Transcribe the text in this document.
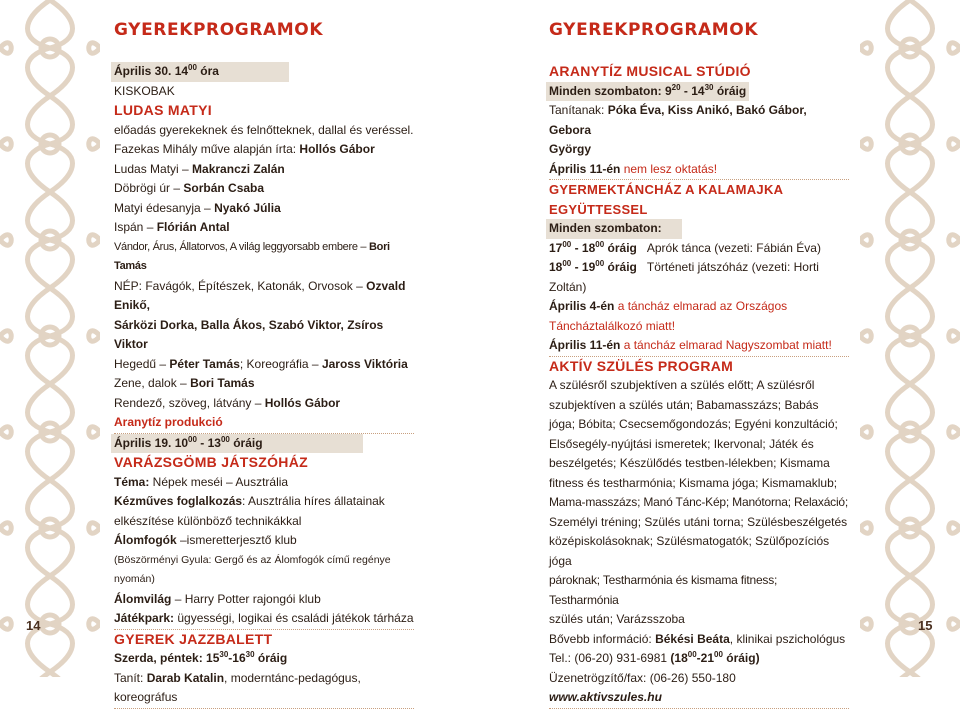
14	15
GYEREKPROGRAMOK
Április 30. $14^{00}$ óra
KISKOBAK
LUDAS MATYI
előadás gyerekeknek és felnőtteknek, dallal és veréssel.
Fazekas Mihály műve alapján írta: Hollós Gábor
Ludas Matyi – Makranczi Zalán
Döbrögi úr – Sorbán Csaba
Matyi édesanyja – Nyakó Júlia
Ispán – Flórián Antal
Vándor, Árus, Állatorvos, A világ leggyorsabb embere – Bori Tamás
NÉP: Favágók, Építészek, Katonák, Orvosok – Ozvald Enikő,
Sárközi Dorka, Balla Ákos, Szabó Viktor, Zsíros Viktor
Hegedű – Péter Tamás; Koreográfia – Jaross Viktória
Zene, dalok – Bori Tamás
Rendező, szöveg, látvány – Hollós Gábor
Aranytíz produkció
Április 19. $10^{00} - 13^{00}$ óráig
VARÁZSGÖMB JÁTSZÓHÁZ
Téma: Népek meséi – Ausztrália
Kézműves foglalkozás: Ausztrália híres állatainak
elkészítése különböző technikákkal
Álomfogók –ismeretterjesztő klub
(Böszörményi Gyula: Gergő és az Álomfogók című regénye nyomán)
Álomvilág – Harry Potter rajongói klub
Játékpark: ügyességi, logikai és családi játékok tárháza
GYEREK JAZZBALETT
Szerda, péntek: $15^{30}-16^{30}$ óráig
Tanít: Darab Katalin, moderntánc-pedagógus, koreográfus
GYEREKPROGRAMOK
ARANYTÍZ MUSICAL STÚDIÓ
Minden szombaton: $9^{20} - 14^{30}$ óráig
Tanítanak: Póka Éva, Kiss Anikó, Bakó Gábor, Gebora
György
Április 11-én nem lesz oktatás!
GYERMEKTÁNCHÁZ A KALAMAJKA EGYÜTTESSEL
Minden szombaton:
$17^{00} - 18^{00}$ óráig Aprók tánca (vezeti: Fábián Éva)
$18^{00} - 19^{00}$ óráig Történeti játszóház (vezeti: Horti Zoltán)
Április 4-én a táncház elmarad az Országos
Táncháztalálkozó miatt!
Április 11-én a táncház elmarad Nagyszombat miatt!
AKTÍV SZÜLÉS PROGRAM
A szülésről szubjektíven a szülés előtt; A szülésről
szubjektíven a szülés után; Babamasszázs; Babás
jóga; Bóbita; Csecsemőgondozás; Egyéni konzultáció;
Elsősegély-nyújtási ismeretek; Ikervonal; Játék és
beszélgetés; Készülődés testben-lélekben; Kismama
fitness és testharmónia; Kismama jóga; Kismamaklub;
Mama-masszázs; Manó Tánc-Kép; Manótorna; Relaxáció;
Személyi tréning; Szülés utáni torna; Szülésbeszélgetés
középiskolásoknak; Szülésmatogatók; Szülőpozíciós jóga
pároknak; Testharmónia és kismama fitness; Testharmónia
szülés után; Varázsszoba
Bővebb információ: Békési Beáta, klinikai pszichológus
Tel.: (06-20) 931-6981 ($18^{00}-21^{00}$ óráig)
Üzenetrögzítő/fax: (06-26) 550-180
www.aktivszules.hu
